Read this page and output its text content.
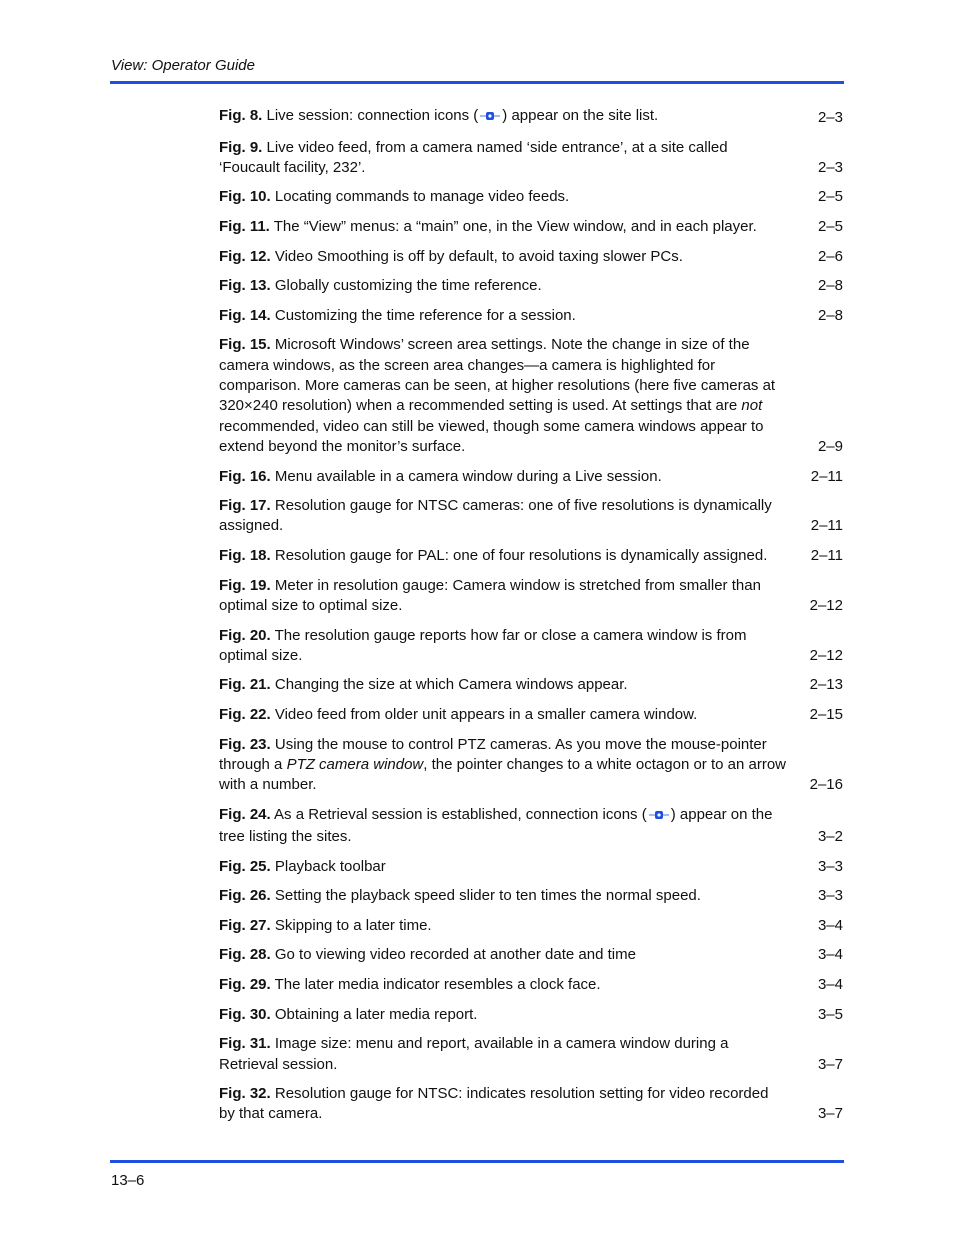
View: Operator Guide
Fig. 8. Live session: connection icons ( ) appear on the site list.	2–3
Fig. 9. Live video feed, from a camera named ‘side entrance’, at a site called ‘Foucault facility, 232’.	2–3
Fig. 10. Locating commands to manage video feeds.	2–5
Fig. 11. The “View” menus: a “main” one, in the View window, and in each player.	2–5
Fig. 12. Video Smoothing is off by default, to avoid taxing slower PCs.	2–6
Fig. 13. Globally customizing the time reference.	2–8
Fig. 14. Customizing the time reference for a session.	2–8
Fig. 15. Microsoft Windows’ screen area settings. Note the change in size of the camera windows, as the screen area changes—a camera is highlighted for comparison. More cameras can be seen, at higher resolutions (here five cameras at 320×240 resolution) when a recommended setting is used. At settings that are not recommended, video can still be viewed, though some camera windows appear to extend beyond the monitor’s surface.	2–9
Fig. 16. Menu available in a camera window during a Live session.	2–11
Fig. 17. Resolution gauge for NTSC cameras: one of five resolutions is dynamically assigned.	2–11
Fig. 18. Resolution gauge for PAL: one of four resolutions is dynamically assigned.	2–11
Fig. 19. Meter in resolution gauge: Camera window is stretched from smaller than optimal size to optimal size.	2–12
Fig. 20. The resolution gauge reports how far or close a camera window is from optimal size.	2–12
Fig. 21. Changing the size at which Camera windows appear.	2–13
Fig. 22. Video feed from older unit appears in a smaller camera window.	2–15
Fig. 23. Using the mouse to control PTZ cameras. As you move the mouse-pointer through a PTZ camera window, the pointer changes to a white octagon or to an arrow with a number.	2–16
Fig. 24. As a Retrieval session is established, connection icons ( ) appear on the tree listing the sites.	3–2
Fig. 25. Playback toolbar	3–3
Fig. 26. Setting the playback speed slider to ten times the normal speed.	3–3
Fig. 27. Skipping to a later time.	3–4
Fig. 28. Go to viewing video recorded at another date and time	3–4
Fig. 29. The later media indicator resembles a clock face.	3–4
Fig. 30. Obtaining a later media report.	3–5
Fig. 31. Image size: menu and report, available in a camera window during a Retrieval session.	3–7
Fig. 32. Resolution gauge for NTSC: indicates resolution setting for video recorded by that camera.	3–7
13–6
